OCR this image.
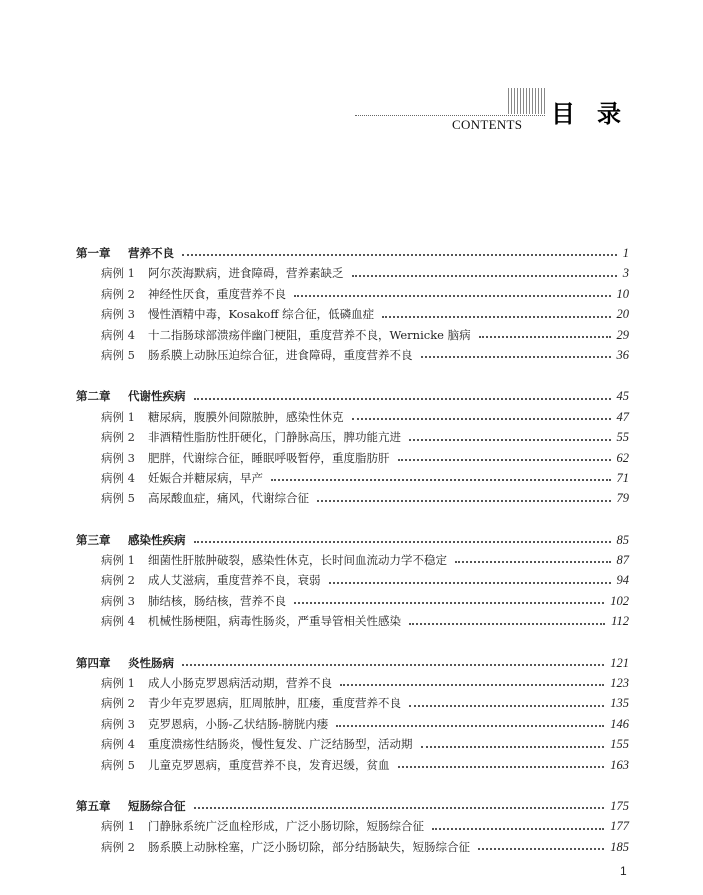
CONTENTS 目录
第一章	营养不良	1
病例 1	阿尔茨海默病，进食障碍，营养素缺乏	3
病例 2	神经性厌食，重度营养不良	10
病例 3	慢性酒精中毒，Kosakoff 综合征，低磷血症	20
病例 4	十二指肠球部溃疡伴幽门梗阻，重度营养不良，Wernicke 脑病	29
病例 5	肠系膜上动脉压迫综合征，进食障碍，重度营养不良	36
第二章	代谢性疾病	45
病例 1	糖尿病，腹膜外间隙脓肿，感染性休克	47
病例 2	非酒精性脂肪性肝硬化，门静脉高压，脾功能亢进	55
病例 3	肥胖，代谢综合征，睡眠呼吸暂停，重度脂肪肝	62
病例 4	妊娠合并糖尿病，早产	71
病例 5	高尿酸血症，痛风，代谢综合征	79
第三章	感染性疾病	85
病例 1	细菌性肝脓肿破裂，感染性休克，长时间血流动力学不稳定	87
病例 2	成人艾滋病，重度营养不良，衰弱	94
病例 3	肺结核，肠结核，营养不良	102
病例 4	机械性肠梗阻，病毒性肠炎，严重导管相关性感染	112
第四章	炎性肠病	121
病例 1	成人小肠克罗恩病活动期，营养不良	123
病例 2	青少年克罗恩病，肛周脓肿，肛瘘，重度营养不良	135
病例 3	克罗恩病，小肠-乙状结肠-膀胱内瘘	146
病例 4	重度溃疡性结肠炎，慢性复发、广泛结肠型，活动期	155
病例 5	儿童克罗恩病，重度营养不良，发育迟缓，贫血	163
第五章	短肠综合征	175
病例 1	门静脉系统广泛血栓形成，广泛小肠切除，短肠综合征	177
病例 2	肠系膜上动脉栓塞，广泛小肠切除，部分结肠缺失，短肠综合征	185
1
